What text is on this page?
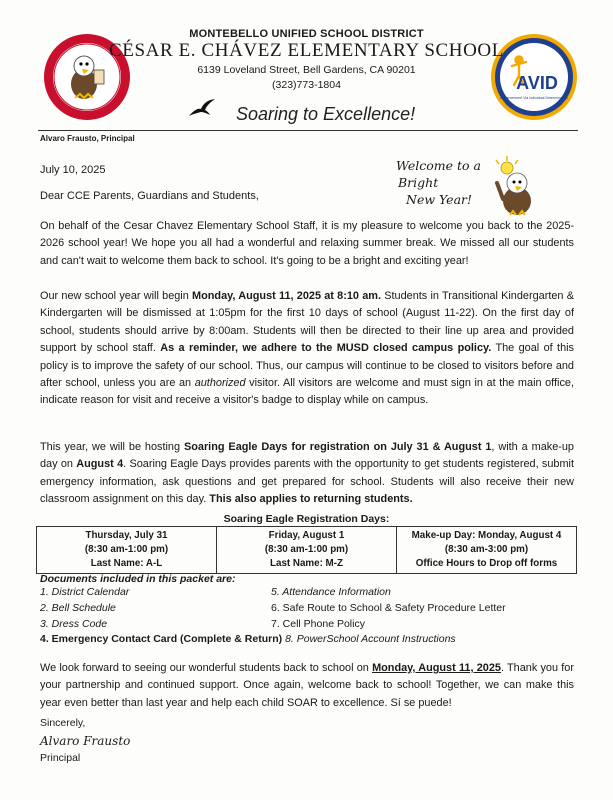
AVID
Advancement Via Individual Determination
MONTEBELLO UNIFIED SCHOOL DISTRICT
CÉSAR E. CHÁVEZ ELEMENTARY SCHOOL
6139 Loveland Street, Bell Gardens, CA 90201
(323)773-1804
Soaring to Excellence!
Alvaro Frausto, Principal
Welcome to a
Bright
New Year!
July 10, 2025
Dear CCE Parents, Guardians and Students,
On behalf of the Cesar Chavez Elementary School Staff, it is my pleasure to welcome you back to the 2025-2026 school year! We hope you all had a wonderful and relaxing summer break. We missed all our students and can't wait to welcome them back to school. It's going to be a bright and exciting year!
Our new school year will begin Monday, August 11, 2025 at 8:10 am. Students in Transitional Kindergarten & Kindergarten will be dismissed at 1:05pm for the first 10 days of school (August 11-22). On the first day of school, students should arrive by 8:00am. Students will then be directed to their line up area and provided support by school staff. As a reminder, we adhere to the MUSD closed campus policy. The goal of this policy is to improve the safety of our school. Thus, our campus will continue to be closed to visitors before and after school, unless you are an authorized visitor. All visitors are welcome and must sign in at the main office, indicate reason for visit and receive a visitor's badge to display while on campus.
This year, we will be hosting Soaring Eagle Days for registration on July 31 & August 1, with a make-up day on August 4. Soaring Eagle Days provides parents with the opportunity to get students registered, submit emergency information, ask questions and get prepared for school. Students will also receive their new classroom assignment on this day. This also applies to returning students.
Soaring Eagle Registration Days:
Thursday, July 31
(8:30 am-1:00 pm)
Last Name: A-L

Friday, August 1
(8:30 am-1:00 pm)
Last Name: M-Z

Make-up Day: Monday, August 4
(8:30 am-3:00 pm)
Office Hours to Drop off forms
Documents included in this packet are:
1. District Calendar
2. Bell Schedule
3. Dress Code
5. Attendance Information
6. Safe Route to School & Safety Procedure Letter
7. Cell Phone Policy
4. Emergency Contact Card (Complete & Return) 8. PowerSchool Account Instructions
We look forward to seeing our wonderful students back to school on Monday, August 11, 2025. Thank you for your partnership and continued support. Once again, welcome back to school! Together, we can make this year even better than last year and help each child SOAR to excellence. Sí se puede!
Sincerely,
Alvaro Frausto
Principal
